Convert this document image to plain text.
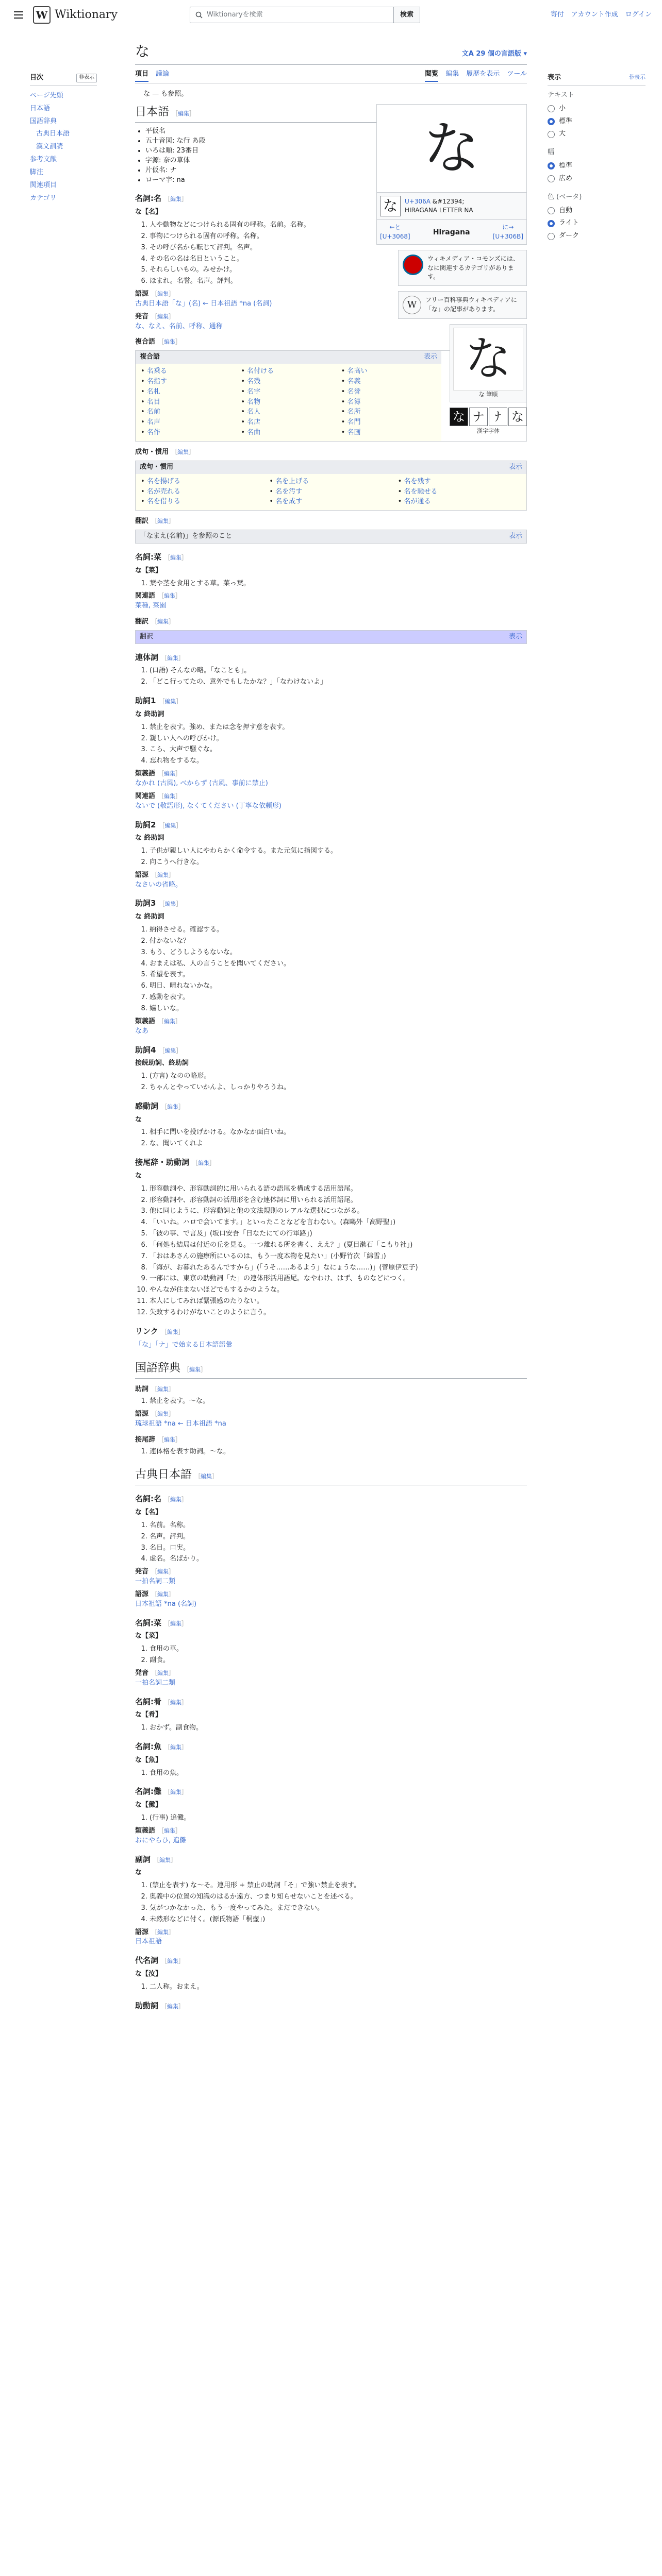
W Wiktionary	Wiktionaryを検索	検索	寄付 アカウント作成 ログイン
目次	非表示
ページ先頭
日本語
国語辞典
古典日本語
漢文訓読
参考文献
脚注
関連項目
カテゴリ
表示	非表示
テキスト
小
標準
大
幅
標準
広め
色 (ベータ)
自動
ライト
ダーク
な	文A 29 個の言語版 ▾
項目 議論	閲覧 編集 履歴を表示 ツール
な — も参照。
な
な	U+306A &#12394;
HIRAGANA LETTER NA
←と
[U+3068]
Hiragana
に→
[U+306B]
ウィキメディア・コモンズには、なに関連するカテゴリがあります。
W	フリー百科事典ウィキペディアに「な」の記事があります。
な
な 筆順
な ナ ﾅ な
漢字字体
日本語 ［編集］
• 平仮名
• 五十音図: な行 あ段
• いろは順: 23番目
• 字源: 奈の草体
• 片仮名: ナ
• ローマ字: na
名詞:名 ［編集］
な【名】
1. 人や動物などにつけられる固有の呼称。名前。名称。
2. 事物につけられる固有の呼称。名称。
3. その呼び名から転じて評判。名声。
4. その名の名は名目ということ。
5. それらしいもの。みせかけ。
6. ほまれ。名誉。名声。評判。
語源 ［編集］
古典日本語「な」(名) ← 日本祖語 *na (名詞)
発音 ［編集］
な、なえ、名前、呼称、通称
複合語 ［編集］
複合語	表示
• 名乗る	• 名付ける	• 名高い
• 名指す	• 名残	• 名義
• 名札	• 名字	• 名誉
• 名目	• 名物	• 名簿
• 名前	• 名人	• 名所
• 名声	• 名店	• 名門
• 名作	• 名曲	• 名画
成句・慣用 ［編集］
成句・慣用	表示
• 名を揚げる	• 名を上げる	• 名を残す
• 名が売れる	• 名を汚す	• 名を馳せる
• 名を借りる	• 名を成す	• 名が通る
翻訳 ［編集］
「なまえ(名前)」を参照のこと	表示
名詞:菜 ［編集］
な【菜】
1. 葉や茎を食用とする草。菜っ葉。
関連語 ［編集］
菜種, 菜園
翻訳 ［編集］
翻訳	表示
連体詞 ［編集］
1. (口語) そんなの略。「なことも」。
2. 「どこ行ってたの、意外でもしたかな？」「なわけないよ」
助詞1 ［編集］
な 終助詞
1. 禁止を表す。強め、または念を押す意を表す。
2. 親しい人への呼びかけ。
3. こら、大声で騒ぐな。
4. 忘れ物をするな。
類義語 ［編集］
なかれ (古風), べからず (古風、事前に禁止)
関連語 ［編集］
ないで (敬語形), なくてください (丁寧な依頼形)
助詞2 ［編集］
な 終助詞
1. 子供が親しい人にやわらかく命令する。また元気に指図する。
2. 向こうへ行きな。
語源 ［編集］
なさいの省略。
助詞3 ［編集］
な 終助詞
1. 納得させる。確認する。
2. 付かないな？
3. もう、どうしようもないな。
4. おまえは私、人の言うことを聞いてください。
5. 希望を表す。
6. 明日、晴れないかな。
7. 感動を表す。
8. 嬉しいな。
類義語 ［編集］
なあ
助詞4 ［編集］
接続助詞、終助詞
1. (方言) なのの略形。
2. ちゃんとやっていかんよ、しっかりやろうね。
感動詞 ［編集］
な
1. 相手に問いを投げかける。なかなか面白いね。
2. な、聞いてくれよ
接尾辞・助動詞 ［編集］
な
1. 形容動詞や、形容動詞的に用いられる語の語尾を構成する活用語尾。
2. 形容動詞や、形容動詞の活用形を含む連体詞に用いられる活用語尾。
3. 他に同じように、形容動詞と他の文法規則のレアルな選択につながる。
4. 「いいね。ハロで会いてます。」といったことなどを言わない。(森鷗外「高野聖」)
5. 「彼の事、で言及」(坂口安吾「日なたにての行軍路」)
6. 「何処も結局は付近の丘を見る。一つ離れる所を書く、ええ？」(夏目漱石「こもり社」)
7. 「おはあさんの施療所にいるのは、もう一度本物を見たい」(小野竹次「綿雪」)
8. 「海が、お暮れたあるんですから」(「うそ……あるよう」なにょうな……)」(菅原伊豆子)
9. 一部には、東京の助動詞「た」の連体形活用語尾。なやわけ、はず、ものなどにつく。
10. やんなが住まないほどでもするかのような。
11. 本人にしてみれば緊張感のたりない。
12. 失敗するわけがないことのように言う。
リンク ［編集］
「な」「ナ」で始まる日本語語彙
国語辞典 ［編集］
助詞 ［編集］
1. 禁止を表す。〜な。
語源 ［編集］
琉球祖語 *na ← 日本祖語 *na
接尾辞 ［編集］
1. 連体格を表す助詞。〜な。
古典日本語 ［編集］
名詞:名 ［編集］
な【名】
1. 名前。名称。
2. 名声。評判。
3. 名目。口実。
4. 虚名。名ばかり。
発音 ［編集］
一拍名詞二類
語源 ［編集］
日本祖語 *na (名詞)
名詞:菜 ［編集］
な【菜】
1. 食用の草。
2. 副食。
発音 ［編集］
一拍名詞二類
名詞:肴 ［編集］
な【肴】
1. おかず。副食物。
名詞:魚 ［編集］
な【魚】
1. 食用の魚。
名詞:儺 ［編集］
な【儺】
1. (行事) 追儺。
類義語 ［編集］
おにやらひ, 追儺
副詞 ［編集］
な
1. (禁止を表す) な〜そ。連用形 + 禁止の助詞「そ」で強い禁止を表す。
2. 奥義中の位置の知識のはるか遠方、つまり知らせないことを述べる。
3. 気がつかなかった、もう一度やってみた。まだできない。
4. 未然形などに付く。(源氏物語「桐壺」)
語源 ［編集］
日本祖語
代名詞 ［編集］
な【汝】
1. 二人称。おまえ。
助動詞 ［編集］
